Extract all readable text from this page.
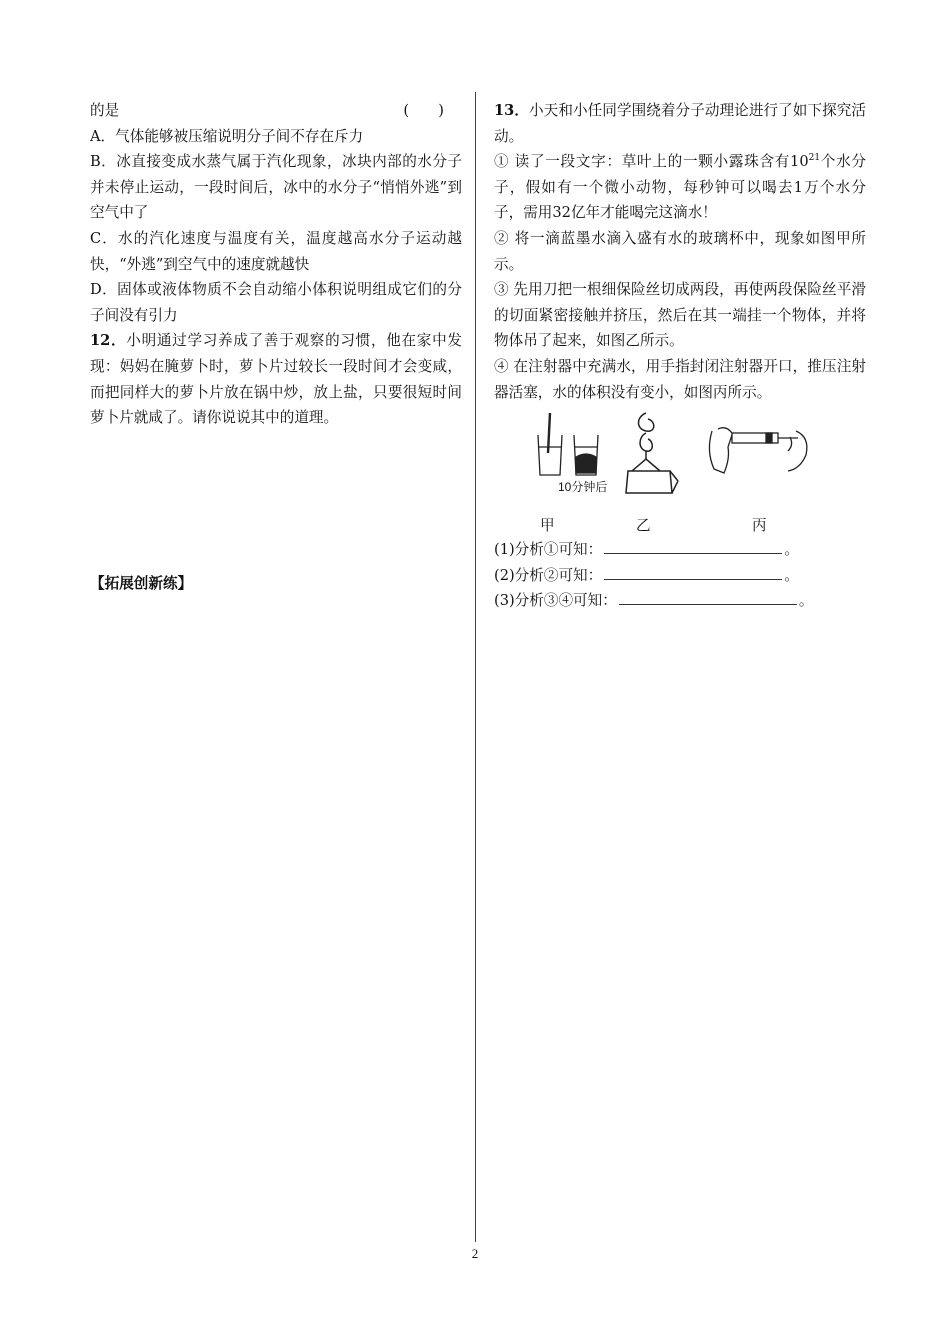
的是	(　　)

A．气体能够被压缩说明分子间不存在斥力

B．冰直接变成水蒸气属于汽化现象，冰块内部的水分子并未停止运动，一段时间后，冰中的水分子“悄悄外逃”到空气中了

C．水的汽化速度与温度有关，温度越高水分子运动越快，“外逃”到空气中的速度就越快

D．固体或液体物质不会自动缩小体积说明组成它们的分子间没有引力

12．小明通过学习养成了善于观察的习惯，他在家中发现：妈妈在腌萝卜时，萝卜片过较长一段时间才会变咸，而把同样大的萝卜片放在锅中炒，放上盐，只要很短时间萝卜片就咸了。请你说说其中的道理。

【拓展创新练】

13．小天和小任同学围绕着分子动理论进行了如下探究活动。

① 读了一段文字：草叶上的一颗小露珠含有$10^{21}$个水分子，假如有一个微小动物，每秒钟可以喝去1万个水分子，需用32亿年才能喝完这滴水！

② 将一滴蓝墨水滴入盛有水的玻璃杯中，现象如图甲所示。

③ 先用刀把一根细保险丝切成两段，再使两段保险丝平滑的切面紧密接触并挤压，然后在其一端挂一个物体，并将物体吊了起来，如图乙所示。

④ 在注射器中充满水，用手指封闭注射器开口，推压注射器活塞，水的体积没有变小，如图丙所示。

10分钟后
甲	乙	丙
(1)分析①可知：	。
(2)分析②可知：	。
(3)分析③④可知：	。
2
